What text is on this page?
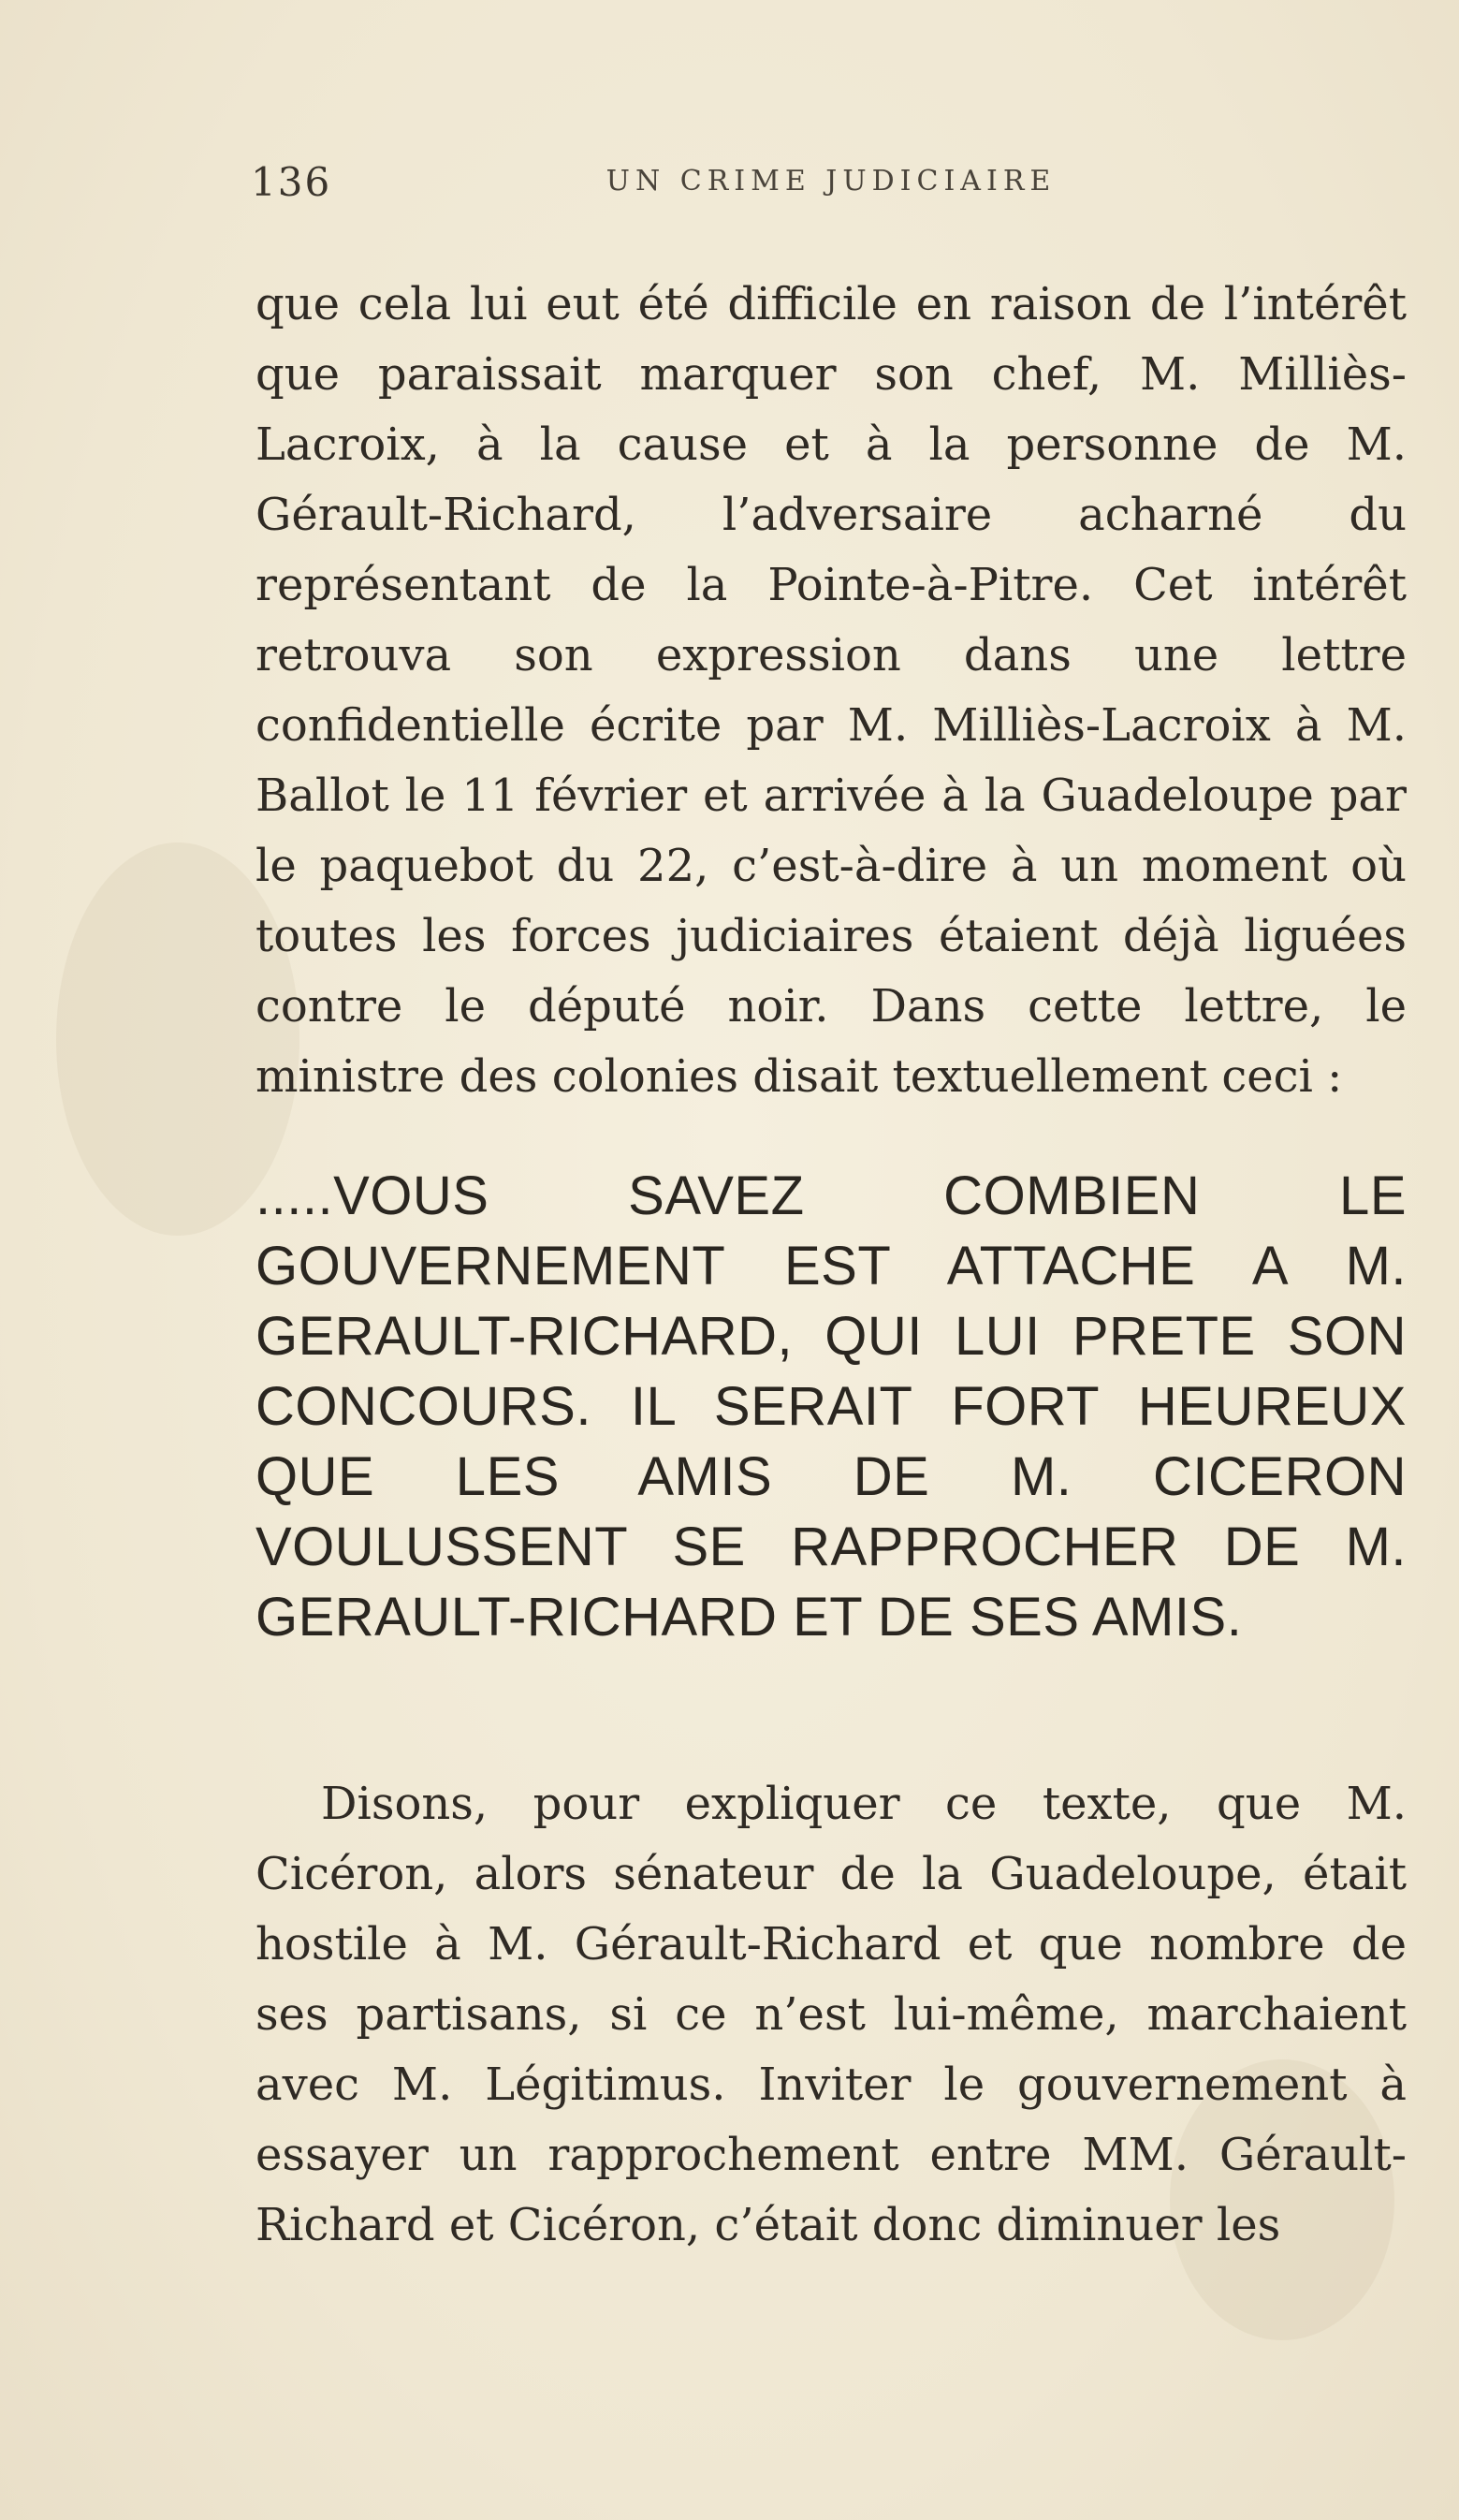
136	UN CRIME JUDICIAIRE

que cela lui eut été difficile en raison de l’intérêt que paraissait marquer son chef, M. Milliès-Lacroix, à la cause et à la personne de M. Gérault-Richard, l’adversaire acharné du représentant de la Pointe-à-Pitre. Cet intérêt retrouva son expression dans une lettre confidentielle écrite par M. Milliès-Lacroix à M. Ballot le 11 février et arrivée à la Guadeloupe par le paquebot du 22, c’est-à-dire à un moment où toutes les forces judiciaires étaient déjà liguées contre le député noir. Dans cette lettre, le ministre des colonies disait textuellement ceci :

.....VOUS SAVEZ COMBIEN LE GOUVERNEMENT EST ATTACHE A M. GERAULT-RICHARD, QUI LUI PRETE SON CONCOURS. IL SERAIT FORT HEUREUX QUE LES AMIS DE M. CICERON VOULUSSENT SE RAPPROCHER DE M. GERAULT-RICHARD ET DE SES AMIS.

Disons, pour expliquer ce texte, que M. Cicéron, alors sénateur de la Guadeloupe, était hostile à M. Gérault-Richard et que nombre de ses partisans, si ce n’est lui-même, marchaient avec M. Légitimus. Inviter le gouvernement à essayer un rapprochement entre MM. Gérault-Richard et Cicéron, c’était donc diminuer les
